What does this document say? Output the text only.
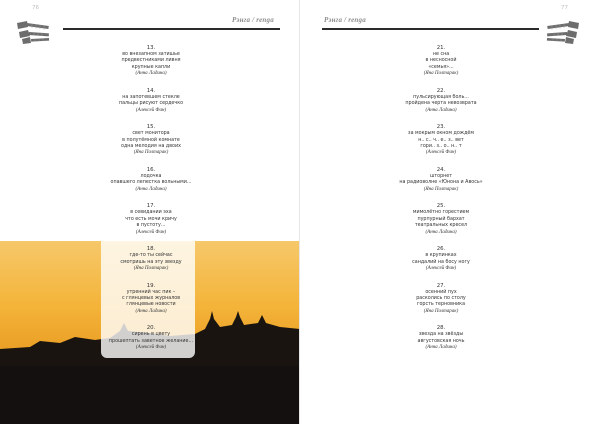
76
Рэнга / renga
13.
во внезапном затишье
предвестниками ливня
крупные капли
(Анна Ладина)
14.
на запотевшем стекле
пальцы рисуют сердечко
(Алексей Фан)
15.
свет монитора
в полутёмной комнате
одна мелодия на двоих
(Яна Полтарак)
16.
лодочка
опавшего лепестка вольными...
(Анна Ладина)
17.
в севидании эха
что есть мочи кричу
в пустоту...
(Алексей Фан)
18.
где-то ты сейчас
смотришь на эту звезду
(Яна Полтарак)
19.
утренний час пик –
с глянцевых журналов
глянцевые новости
(Анна Ладина)
20.
сирень в цвету
прошептать заветное желание...
(Алексей Фан)
77
Рэнга / renga
21.
не сна
в несносной
«семья»...
(Яна Полтарак)
22.
пульсирующая боль...
пройдена черта невозврата
(Анна Ладина)
23.
за мокрым окном дождём
н.. с.. ч.. е.. з.. вет
гори.. з.. о.. н.. т
(Алексей Фан)
24.
шторнет
на радиоволне «Юнона и Авось»
(Яна Полтарак)
25.
мимолётно горестием
пурпурный бархат
театральных кресел
(Анна Ладина)
26.
в крупинках
сандалий на босу ногу
(Алексей Фан)
27.
осенний пух
расколись по столу
горсть терновника
(Яна Полтарак)
28.
звезда на звёзды
августовская ночь
(Анна Ладина)
